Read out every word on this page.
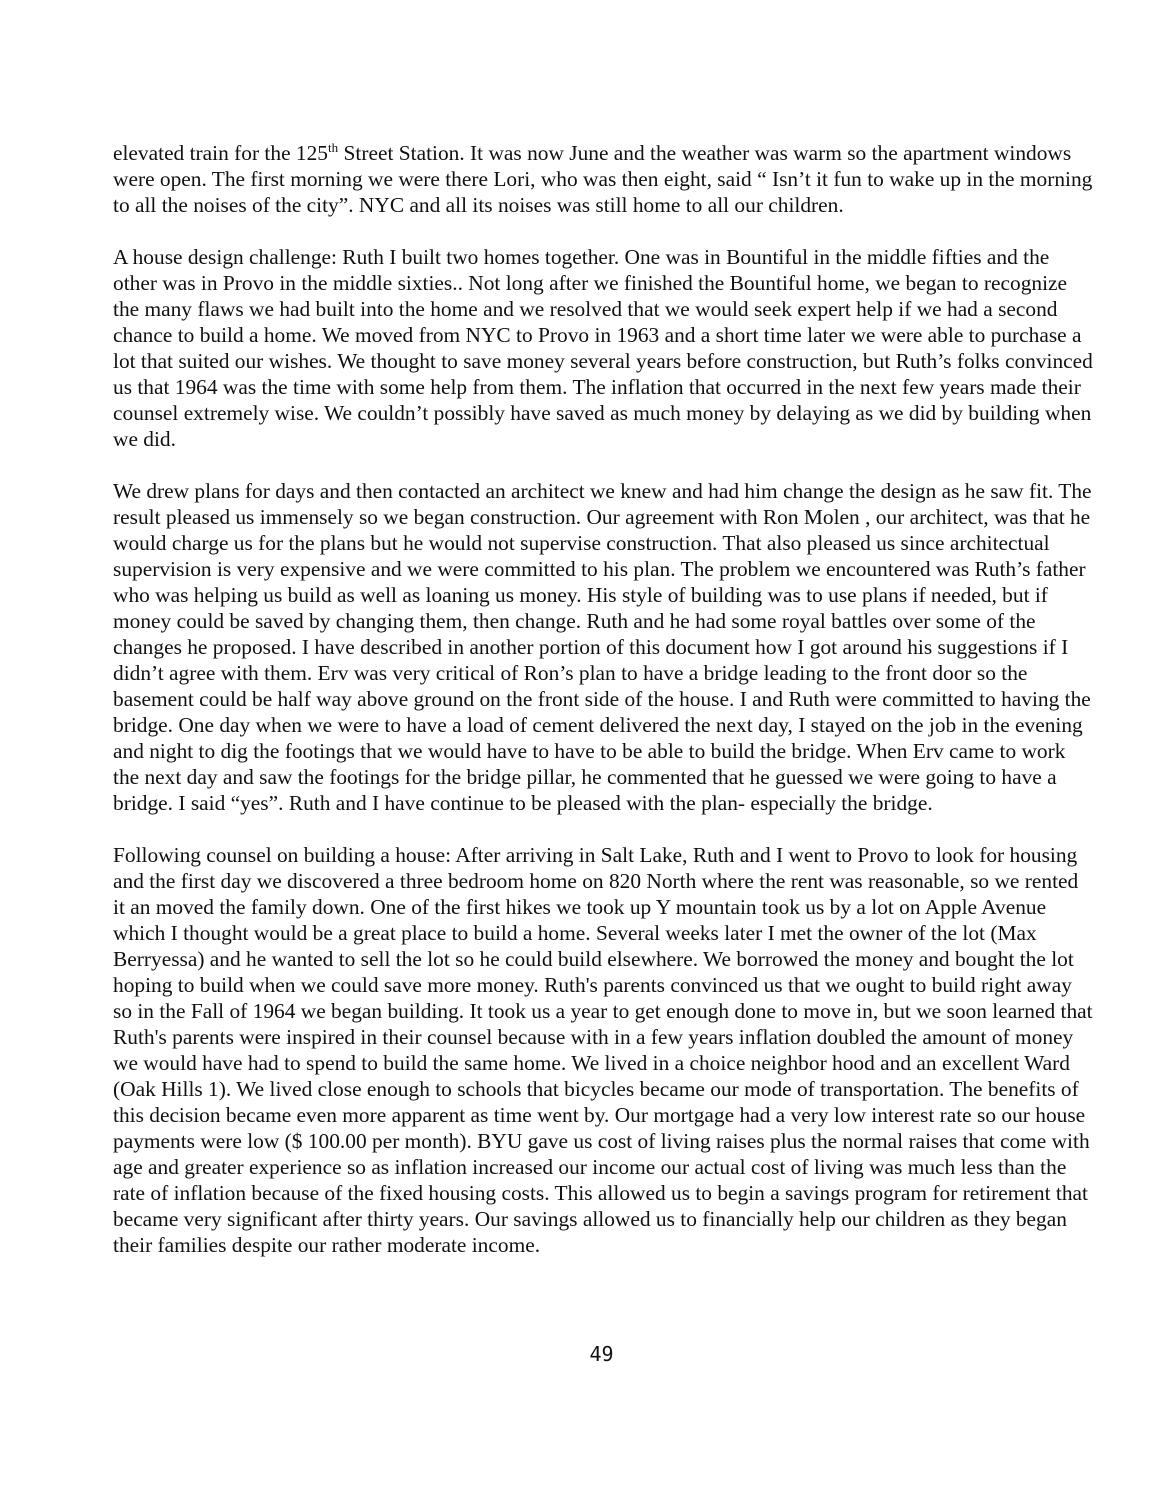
elevated train for the 125th Street Station. It was now June and the weather was warm so the apartment windows were open. The first morning we were there Lori, who was then eight, said “ Isn’t it fun to wake up in the morning to all the noises of the city”. NYC and all its noises was still home to all our children.

A house design challenge: Ruth I built two homes together. One was in Bountiful in the middle fifties and the other was in Provo in the middle sixties.. Not long after we finished the Bountiful home, we began to recognize the many flaws we had built into the home and we resolved that we would seek expert help if we had a second chance to build a home. We moved from NYC to Provo in 1963 and a short time later we were able to purchase a lot that suited our wishes. We thought to save money several years before construction, but Ruth’s folks convinced us that 1964 was the time with some help from them. The inflation that occurred in the next few years made their counsel extremely wise. We couldn’t possibly have saved as much money by delaying as we did by building when we did.

We drew plans for days and then contacted an architect we knew and had him change the design as he saw fit. The result pleased us immensely so we began construction. Our agreement with Ron Molen , our architect, was that he would charge us for the plans but he would not supervise construction. That also pleased us since architectual supervision is very expensive and we were committed to his plan. The problem we encountered was Ruth’s father who was helping us build as well as loaning us money. His style of building was to use plans if needed, but if money could be saved by changing them, then change. Ruth and he had some royal battles over some of the changes he proposed. I have described in another portion of this document how I got around his suggestions if I didn’t agree with them. Erv was very critical of Ron’s plan to have a bridge leading to the front door so the basement could be half way above ground on the front side of the house. I and Ruth were committed to having the bridge. One day when we were to have a load of cement delivered the next day, I stayed on the job in the evening and night to dig the footings that we would have to have to be able to build the bridge. When Erv came to work the next day and saw the footings for the bridge pillar, he commented that he guessed we were going to have a bridge. I said “yes”. Ruth and I have continue to be pleased with the plan- especially the bridge.

Following counsel on building a house: After arriving in Salt Lake, Ruth and I went to Provo to look for housing and the first day we discovered a three bedroom home on 820 North where the rent was reasonable, so we rented it an moved the family down. One of the first hikes we took up Y mountain took us by a lot on Apple Avenue which I thought would be a great place to build a home. Several weeks later I met the owner of the lot (Max Berryessa) and he wanted to sell the lot so he could build elsewhere. We borrowed the money and bought the lot hoping to build when we could save more money. Ruth's parents convinced us that we ought to build right away so in the Fall of 1964 we began building. It took us a year to get enough done to move in, but we soon learned that Ruth's parents were inspired in their counsel because with in a few years inflation doubled the amount of money we would have had to spend to build the same home. We lived in a choice neighbor hood and an excellent Ward (Oak Hills 1). We lived close enough to schools that bicycles became our mode of transportation. The benefits of this decision became even more apparent as time went by. Our mortgage had a very low interest rate so our house payments were low ($ 100.00 per month). BYU gave us cost of living raises plus the normal raises that come with age and greater experience so as inflation increased our income our actual cost of living was much less than the rate of inflation because of the fixed housing costs. This allowed us to begin a savings program for retirement that became very significant after thirty years. Our savings allowed us to financially help our children as they began their families despite our rather moderate income.

49
